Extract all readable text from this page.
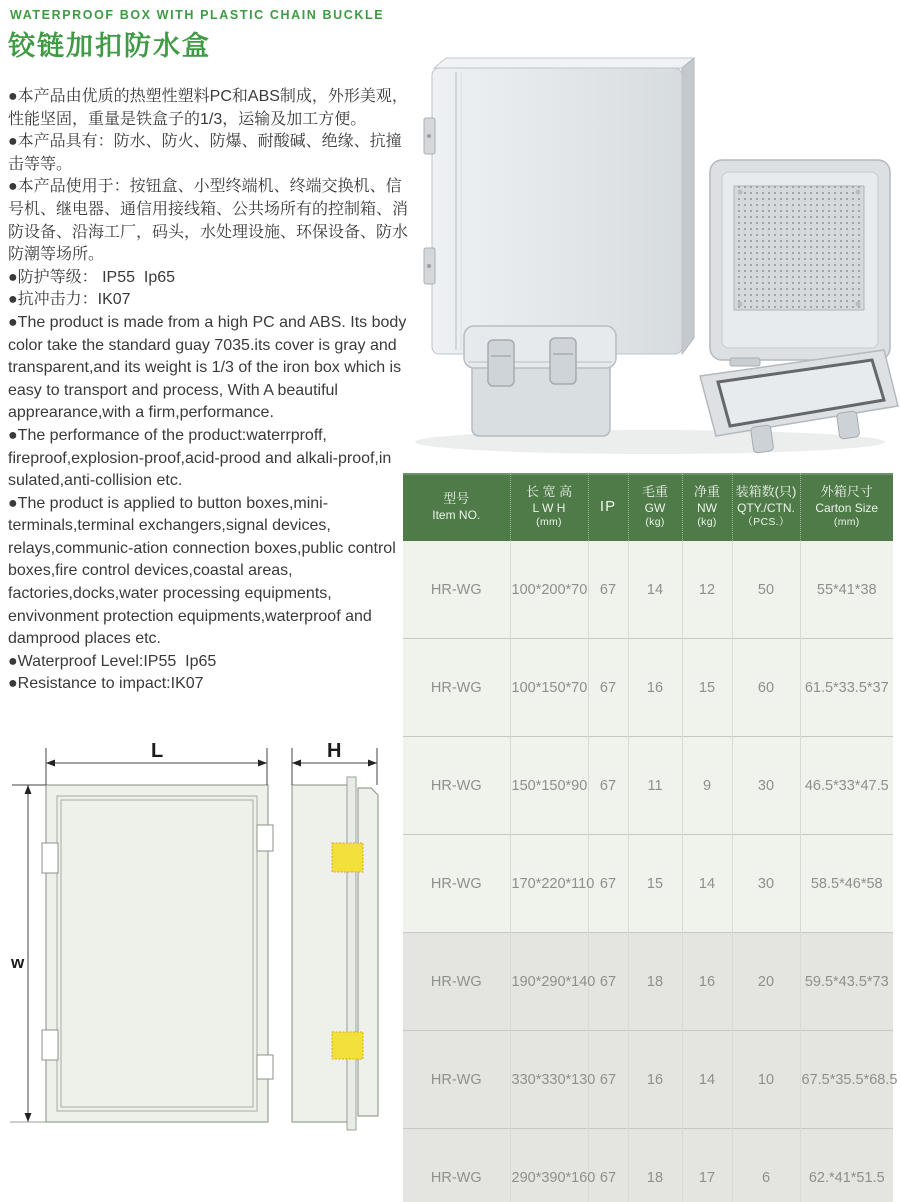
WATERPROOF BOX WITH PLASTIC CHAIN BUCKLE
铰链加扣防水盒

●本产品由优质的热塑性塑料PC和ABS制成，外形美观，性能坚固，重量是铁盒子的1/3，运输及加工方便。

●本产品具有：防水、防火、防爆、耐酸碱、绝缘、抗撞击等等。

●本产品使用于：按钮盒、小型终端机、终端交换机、信号机、继电器、通信用接线箱、公共场所有的控制箱、消防设备、沿海工厂，码头，水处理设施、环保设备、防水防潮等场所。

●防护等级： IP55  Ip65

●抗冲击力：IK07

●The product is made from a high PC and ABS. Its body color take the standard guay 7035.its cover is gray and transparent,and its weight is 1/3 of the iron box which is easy to transport and process, With A beautiful apprearance,with a firm,performance.

●The performance of the product:waterrproff, fireproof,explosion-proof,acid-prood and alkali-proof,in sulated,anti-collision etc.

●The product is applied to button boxes,mini-terminals,terminal exchangers,signal devices, relays,communic-ation connection boxes,public control boxes,fire control devices,coastal areas, factories,docks,water processing equipments, envivonment protection equipments,waterproof and damprood places etc.

●Waterproof Level:IP55  Ip65

●Resistance to impact:IK07

L	H
w
型号
Item NO.

长 宽 高
L W H
(mm)

IP

毛重
GW
(kg)

净重
NW
(kg)

装箱数(只)
QTY./CTN.
（PCS.）

外箱尺寸
Carton Size
(mm)

HR-WG	100*200*70	67	14	12	50	55*41*38
HR-WG	100*150*70	67	16	15	60	61.5*33.5*37
HR-WG	150*150*90	67	11	9	30	46.5*33*47.5
HR-WG	170*220*110	67	15	14	30	58.5*46*58
HR-WG	190*290*140	67	18	16	20	59.5*43.5*73
HR-WG	330*330*130	67	16	14	10	67.5*35.5*68.5
HR-WG	290*390*160	67	18	17	6	62.*41*51.5
